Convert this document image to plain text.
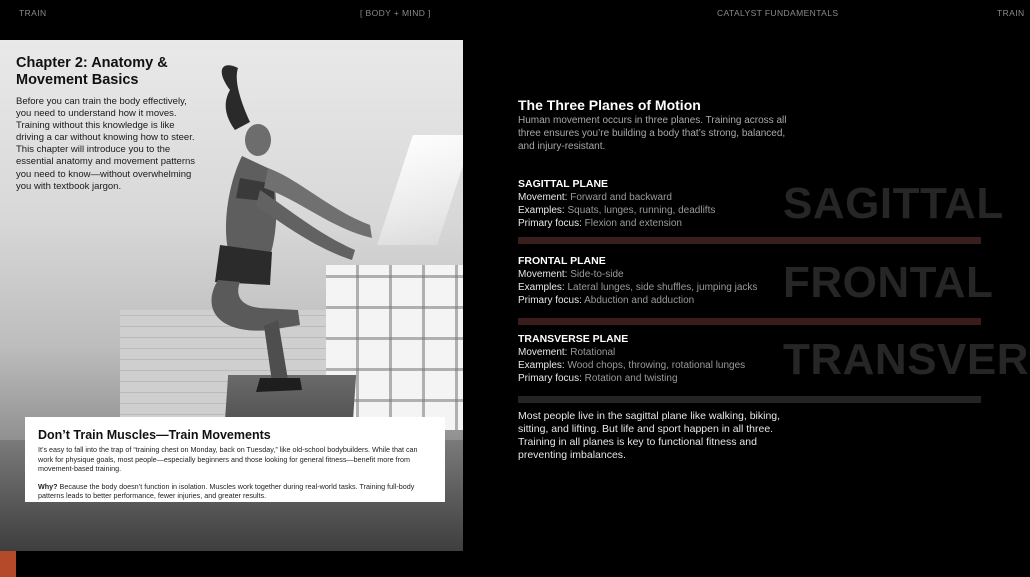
TRAIN	[ BODY + MIND ]	CATALYST FUNDAMENTALS	TRAIN
Chapter 2: Anatomy & Movement Basics

Before you can train the body effectively, you need to understand how it moves. Training without this knowledge is like driving a car without knowing how to steer. This chapter will introduce you to the essential anatomy and movement patterns you need to know—without overwhelming you with textbook jargon.

Don’t Train Muscles—Train Movements

It’s easy to fall into the trap of “training chest on Monday, back on Tuesday,” like old-school bodybuilders. While that can work for physique goals, most people—especially beginners and those looking for general fitness—benefit more from movement-based training.

Why? Because the body doesn’t function in isolation. Muscles work together during real-world tasks. Training full-body patterns leads to better performance, fewer injuries, and greater results.

The Three Planes of Motion

Human movement occurs in three planes. Training across all three ensures you’re building a body that’s strong, balanced, and injury-resistant.

SAGITTAL
FRONTAL
TRANSVER
SAGITTAL PLANE
Movement: Forward and backward
Examples: Squats, lunges, running, deadlifts
Primary focus: Flexion and extension
FRONTAL PLANE
Movement: Side-to-side
Examples: Lateral lunges, side shuffles, jumping jacks
Primary focus: Abduction and adduction
TRANSVERSE PLANE
Movement: Rotational
Examples: Wood chops, throwing, rotational lunges
Primary focus: Rotation and twisting

Most people live in the sagittal plane like walking, biking, sitting, and lifting. But life and sport happen in all three. Training in all planes is key to functional fitness and preventing imbalances.
